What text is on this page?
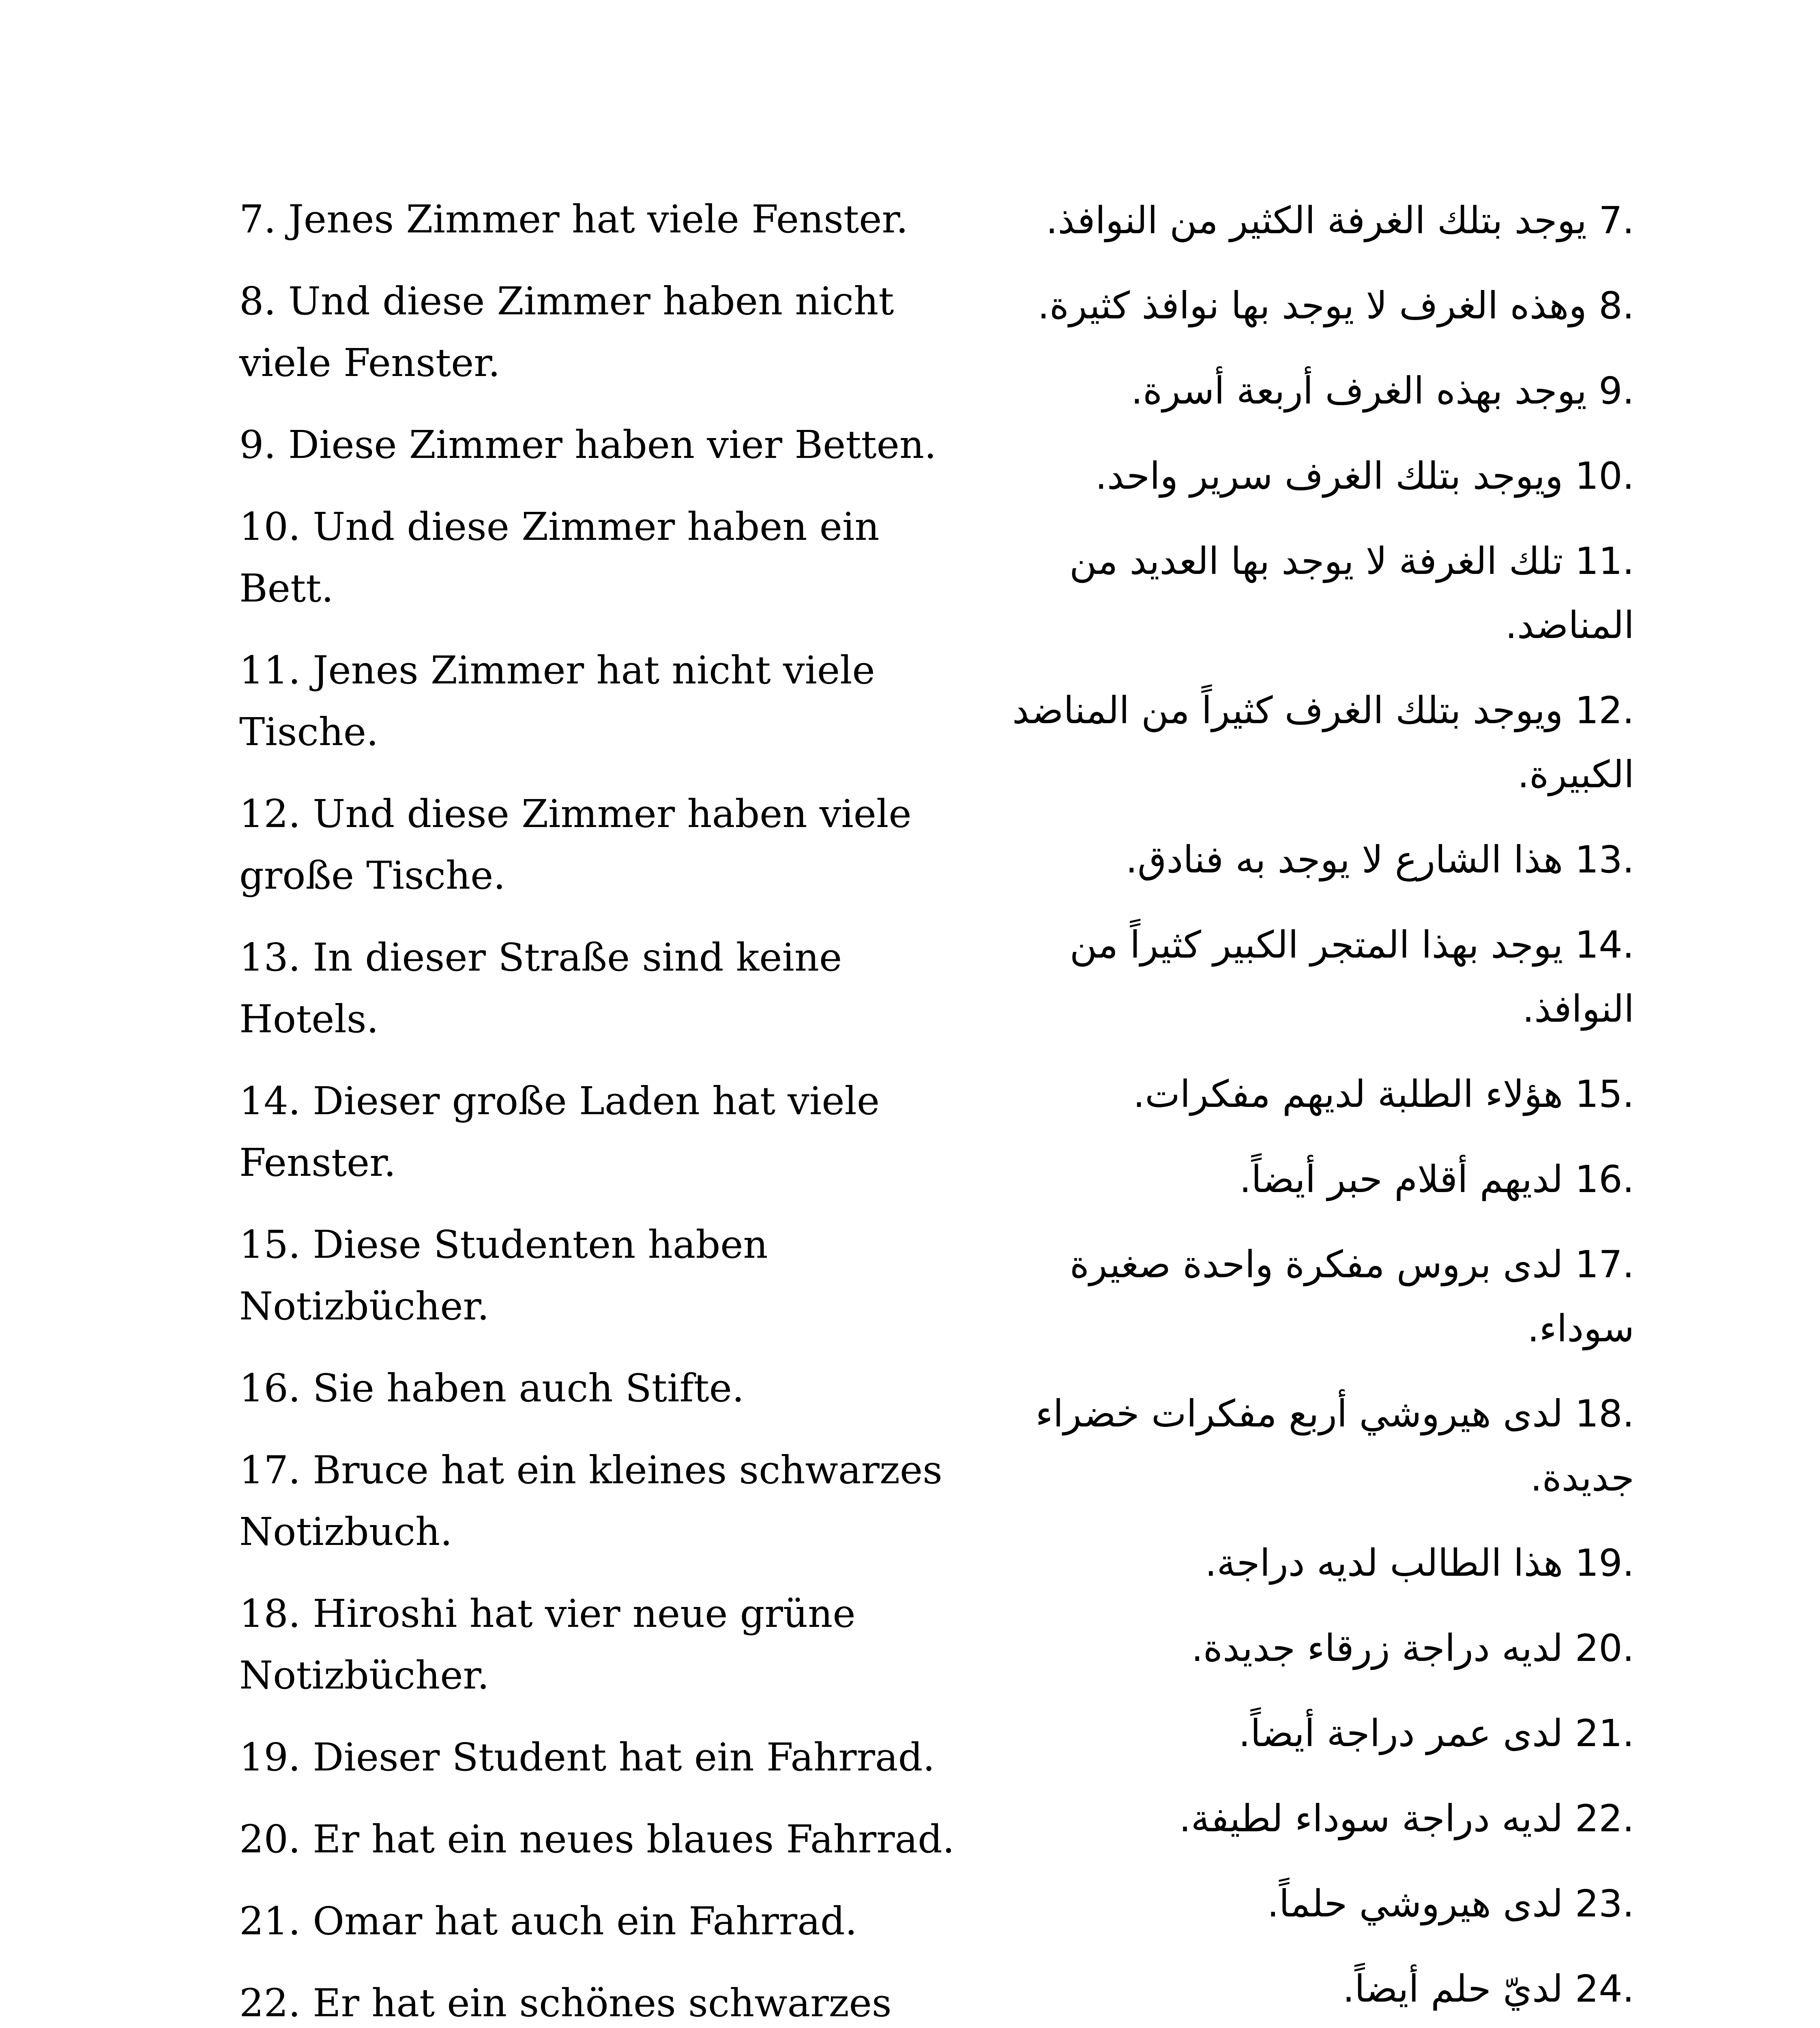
7. Jenes Zimmer hat viele Fenster.

8. Und diese Zimmer haben nicht viele Fenster.

9. Diese Zimmer haben vier Betten.

10. Und diese Zimmer haben ein Bett.

11. Jenes Zimmer hat nicht viele Tische.

12. Und diese Zimmer haben viele große Tische.

13. In dieser Straße sind keine Hotels.

14. Dieser große Laden hat viele Fenster.

15. Diese Studenten haben Notizbücher.

16. Sie haben auch Stifte.

17. Bruce hat ein kleines schwarzes Notizbuch.

18. Hiroshi hat vier neue grüne Notizbücher.

19. Dieser Student hat ein Fahrrad.

20. Er hat ein neues blaues Fahrrad.

21. Omar hat auch ein Fahrrad.

22. Er hat ein schönes schwarzes

7. يوجد بتلك الغرفة الكثير من النوافذ.

8. وهذه الغرف لا يوجد بها نوافذ كثيرة.

9. يوجد بهذه الغرف أربعة أسرة.

10. ويوجد بتلك الغرف سرير واحد.

11. تلك الغرفة لا يوجد بها العديد من المناضد.

12. ويوجد بتلك الغرف كثيراً من المناضد الكبيرة.

13. هذا الشارع لا يوجد به فنادق.

14. يوجد بهذا المتجر الكبير كثيراً من النوافذ.

15. هؤلاء الطلبة لديهم مفكرات.

16. لديهم أقلام حبر أيضاً.

17. لدى بروس مفكرة واحدة صغيرة سوداء.

18. لدى هيروشي أربع مفكرات خضراء جديدة.

19. هذا الطالب لديه دراجة.

20. لديه دراجة زرقاء جديدة.

21. لدى عمر دراجة أيضاً.

22. لديه دراجة سوداء لطيفة.

23. لدى هيروشي حلماً.

24. لديّ حلم أيضاً.
